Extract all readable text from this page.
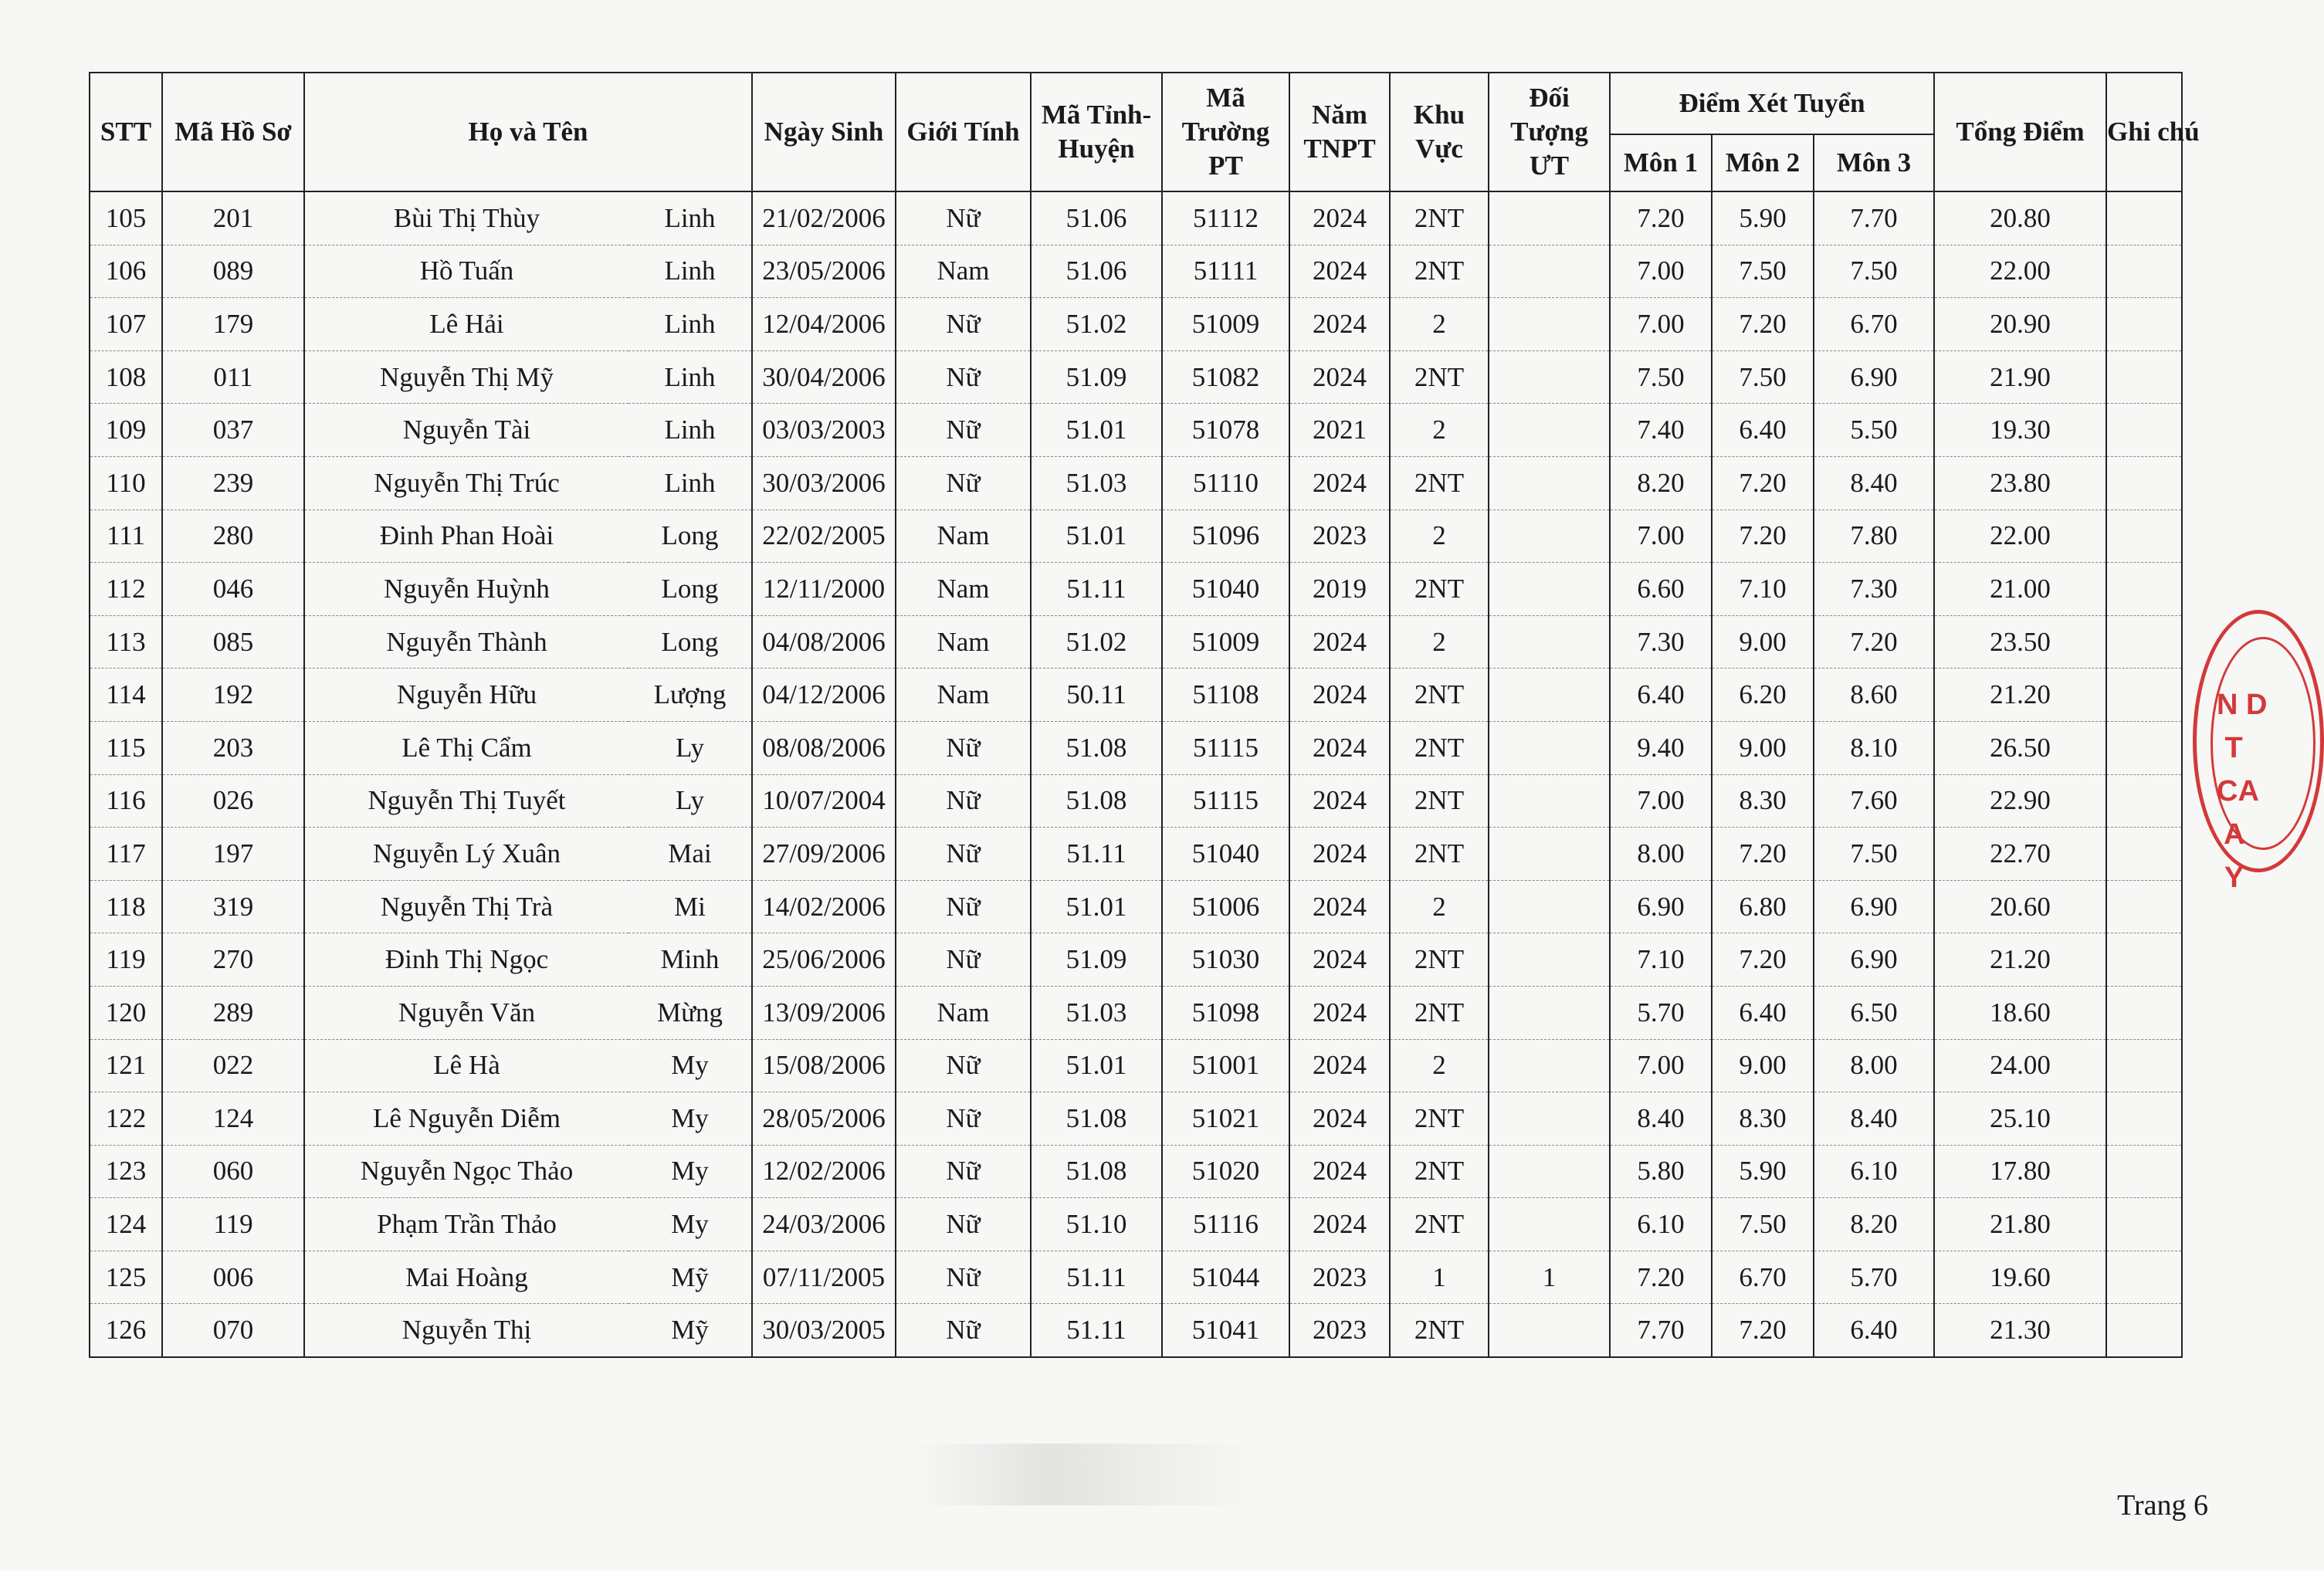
STT	Mã Hồ Sơ	Họ và Tên		Ngày Sinh	Giới Tính	Mã Tỉnh-Huyện	Mã Trường PT	Năm TNPT	Khu Vực	Đối Tượng ƯT	Điểm Xét Tuyển			Tổng Điểm	Ghi chú
											Môn 1	Môn 2	Môn 3		
105	201	Bùi Thị Thùy	Linh	21/02/2006	Nữ	51.06	51112	2024	2NT		7.20	5.90	7.70	20.80	
106	089	Hồ Tuấn	Linh	23/05/2006	Nam	51.06	51111	2024	2NT		7.00	7.50	7.50	22.00	
107	179	Lê Hải	Linh	12/04/2006	Nữ	51.02	51009	2024	2		7.00	7.20	6.70	20.90	
108	011	Nguyễn Thị Mỹ	Linh	30/04/2006	Nữ	51.09	51082	2024	2NT		7.50	7.50	6.90	21.90	
109	037	Nguyễn Tài	Linh	03/03/2003	Nữ	51.01	51078	2021	2		7.40	6.40	5.50	19.30	
110	239	Nguyễn Thị Trúc	Linh	30/03/2006	Nữ	51.03	51110	2024	2NT		8.20	7.20	8.40	23.80	
111	280	Đinh Phan Hoài	Long	22/02/2005	Nam	51.01	51096	2023	2		7.00	7.20	7.80	22.00	
112	046	Nguyễn Huỳnh	Long	12/11/2000	Nam	51.11	51040	2019	2NT		6.60	7.10	7.30	21.00	
113	085	Nguyễn Thành	Long	04/08/2006	Nam	51.02	51009	2024	2		7.30	9.00	7.20	23.50	
114	192	Nguyễn Hữu	Lượng	04/12/2006	Nam	50.11	51108	2024	2NT		6.40	6.20	8.60	21.20	
115	203	Lê Thị Cẩm	Ly	08/08/2006	Nữ	51.08	51115	2024	2NT		9.40	9.00	8.10	26.50	
116	026	Nguyễn Thị Tuyết	Ly	10/07/2004	Nữ	51.08	51115	2024	2NT		7.00	8.30	7.60	22.90	
117	197	Nguyễn Lý Xuân	Mai	27/09/2006	Nữ	51.11	51040	2024	2NT		8.00	7.20	7.50	22.70	
118	319	Nguyễn Thị Trà	Mi	14/02/2006	Nữ	51.01	51006	2024	2		6.90	6.80	6.90	20.60	
119	270	Đinh Thị Ngọc	Minh	25/06/2006	Nữ	51.09	51030	2024	2NT		7.10	7.20	6.90	21.20	
120	289	Nguyễn Văn	Mừng	13/09/2006	Nam	51.03	51098	2024	2NT		5.70	6.40	6.50	18.60	
121	022	Lê Hà	My	15/08/2006	Nữ	51.01	51001	2024	2		7.00	9.00	8.00	24.00	
122	124	Lê Nguyễn Diễm	My	28/05/2006	Nữ	51.08	51021	2024	2NT		8.40	8.30	8.40	25.10	
123	060	Nguyễn Ngọc Thảo	My	12/02/2006	Nữ	51.08	51020	2024	2NT		5.80	5.90	6.10	17.80	
124	119	Phạm Trần Thảo	My	24/03/2006	Nữ	51.10	51116	2024	2NT		6.10	7.50	8.20	21.80	
125	006	Mai Hoàng	Mỹ	07/11/2005	Nữ	51.11	51044	2023	1	1	7.20	6.70	5.70	19.60	
126	070	Nguyễn Thị	Mỹ	30/03/2005	Nữ	51.11	51041	2023	2NT		7.70	7.20	6.40	21.30	
N D
T
CA
A
Y
Trang 6
